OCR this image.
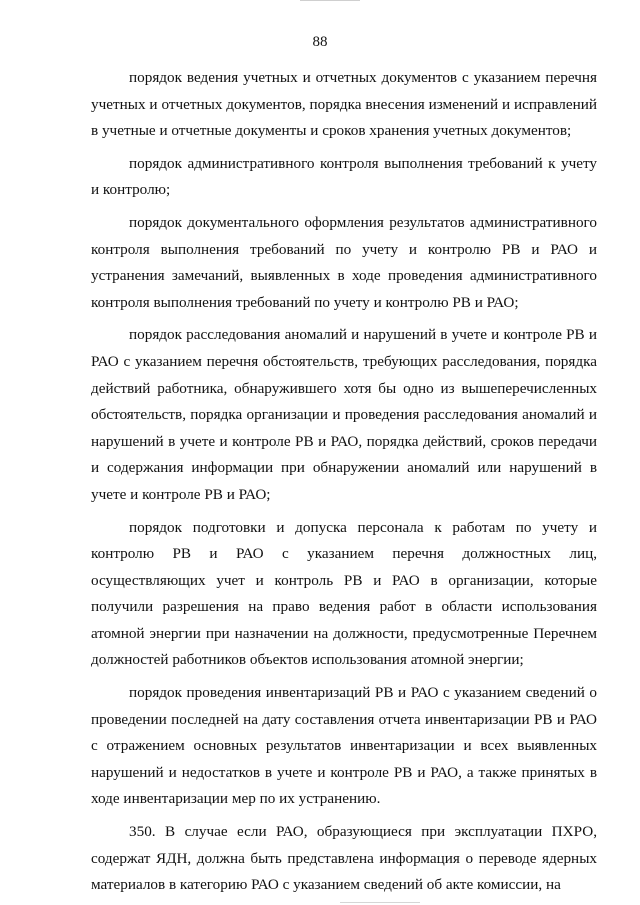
88

порядок ведения учетных и отчетных документов с указанием перечня учетных и отчетных документов, порядка внесения изменений и исправлений в учетные и отчетные документы и сроков хранения учетных документов;

порядок административного контроля выполнения требований к учету и контролю;

порядок документального оформления результатов административного контроля выполнения требований по учету и контролю РВ и РАО и устранения замечаний, выявленных в ходе проведения административного контроля выполнения требований по учету и контролю РВ и РАО;

порядок расследования аномалий и нарушений в учете и контроле РВ и РАО с указанием перечня обстоятельств, требующих расследования, порядка действий работника, обнаружившего хотя бы одно из вышеперечисленных обстоятельств, порядка организации и проведения расследования аномалий и нарушений в учете и контроле РВ и РАО, порядка действий, сроков передачи и содержания информации при обнаружении аномалий или нарушений в учете и контроле РВ и РАО;

порядок подготовки и допуска персонала к работам по учету и контролю РВ и РАО с указанием перечня должностных лиц, осуществляющих учет и контроль РВ и РАО в организации, которые получили разрешения на право ведения работ в области использования атомной энергии при назначении на должности, предусмотренные Перечнем должностей работников объектов использования атомной энергии;

порядок проведения инвентаризаций РВ и РАО с указанием сведений о проведении последней на дату составления отчета инвентаризации РВ и РАО с отражением основных результатов инвентаризации и всех выявленных нарушений и недостатков в учете и контроле РВ и РАО, а также принятых в ходе инвентаризации мер по их устранению.

350. В случае если РАО, образующиеся при эксплуатации ПХРО, содержат ЯДН, должна быть представлена информация о переводе ядерных материалов в категорию РАО с указанием сведений об акте комиссии, на
